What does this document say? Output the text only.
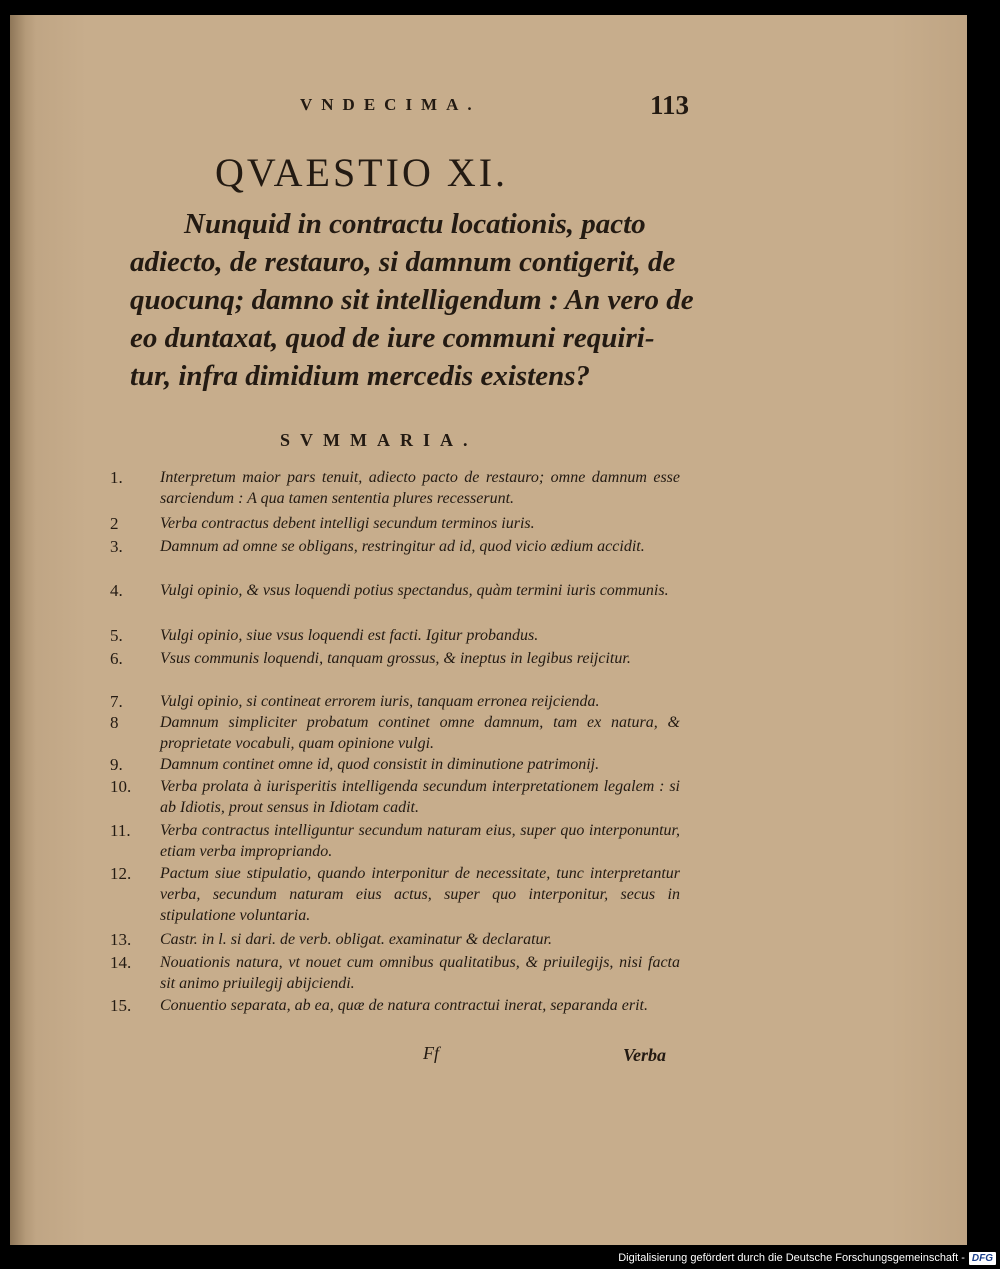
VNDECIMA.	113
QVAESTIO XI.
Nunquid in contractu locationis, pacto
adiecto, de restauro, si damnum contigerit, de
quocunq; damno sit intelligendum : An vero de
eo duntaxat, quod de iure communi requiri-
tur, infra dimidium mercedis existens?
SVMMARIA.
1.	Interpretum maior pars tenuit, adiecto pacto de restauro; omne damnum esse sarciendum : A qua tamen sententia plures recesserunt.
2	Verba contractus debent intelligi secundum terminos iuris.
3.	Damnum ad omne se obligans, restringitur ad id, quod vicio ædium accidit.
4.	Vulgi opinio, & vsus loquendi potius spectandus, quàm termini iuris communis.
5.	Vulgi opinio, siue vsus loquendi est facti. Igitur probandus.
6.	Vsus communis loquendi, tanquam grossus, & ineptus in legibus reijcitur.
7.	Vulgi opinio, si contineat errorem iuris, tanquam erronea reijcienda.
8	Damnum simpliciter probatum continet omne damnum, tam ex natura, & proprietate vocabuli, quam opinione vulgi.
9.	Damnum continet omne id, quod consistit in diminutione patrimonij.
10.	Verba prolata à iurisperitis intelligenda secundum interpretationem legalem : si ab Idiotis, prout sensus in Idiotam cadit.
11.	Verba contractus intelliguntur secundum naturam eius, super quo interponuntur, etiam verba impropriando.
12.	Pactum siue stipulatio, quando interponitur de necessitate, tunc interpretantur verba, secundum naturam eius actus, super quo interponitur, secus in stipulatione voluntaria.
13.	Castr. in l. si dari. de verb. obligat. examinatur & declaratur.
14.	Nouationis natura, vt nouet cum omnibus qualitatibus, & priuilegijs, nisi facta sit animo priuilegij abijciendi.
15.	Conuentio separata, ab ea, quæ de natura contractui inerat, separanda erit.
Ff	Verba
Digitalisierung gefördert durch die Deutsche Forschungsgemeinschaft - DFG
